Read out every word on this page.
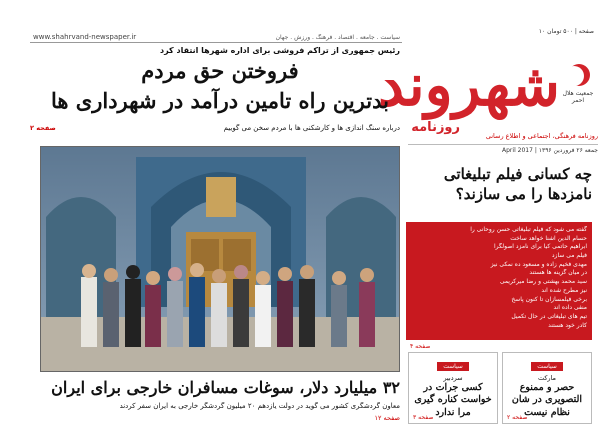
www.shahrvand-newspaper.ir	سیاست . جامعه . اقتصاد . فرهنگ . ورزش . جهان
۱۰ صفحه | ۵۰۰ تومان
جمعیت هلال احمر
شهروند
روزنامه
روزنامه فرهنگی، اجتماعی و اطلاع رسانی
جمعه ۲۶ فروردین ۱۳۹۶ | April 2017
رئیس جمهوری از تراکم فروشی برای اداره شهرها انتقاد کرد
فروختن حق مردم
بدترین راه تامین درآمد در شهرداری ها
درباره سنگ اندازی ها و کارشکنی ها با مردم سخن می گوییم
صفحه ۲
۳۲ میلیارد دلار، سوغات مسافران خارجی برای ایران
معاون گردشگری کشور می گوید در دولت یازدهم ۲۰ میلیون گردشگر خارجی به ایران سفر کردند
صفحه ۱۲
چه کسانی فیلم تبلیغاتی نامزدها را می سازند؟
گفته می شود که فیلم تبلیغاتی حسن روحانی را
حسام الدین آشنا خواهد ساخت
ابراهیم حاتمی کیا برای نامزد اصولگرا
فیلم می سازد
مهدی فخیم زاده و مسعود ده نمکی نیز
در میان گزینه ها هستند
سید محمد بهشتی و رضا میرکریمی
نیز مطرح شده اند
برخی فیلمسازان تا کنون پاسخ
منفی داده اند
تیم های تبلیغاتی در حال تکمیل
کادر خود هستند
صفحه ۴
سیاست
سردبیر
کسی جرات در خواست کناره گیری مرا ندارد
صفحه ۳
سیاست
مارکت
حصر و ممنوع التصویری در شان نظام نیست
صفحه ۲
